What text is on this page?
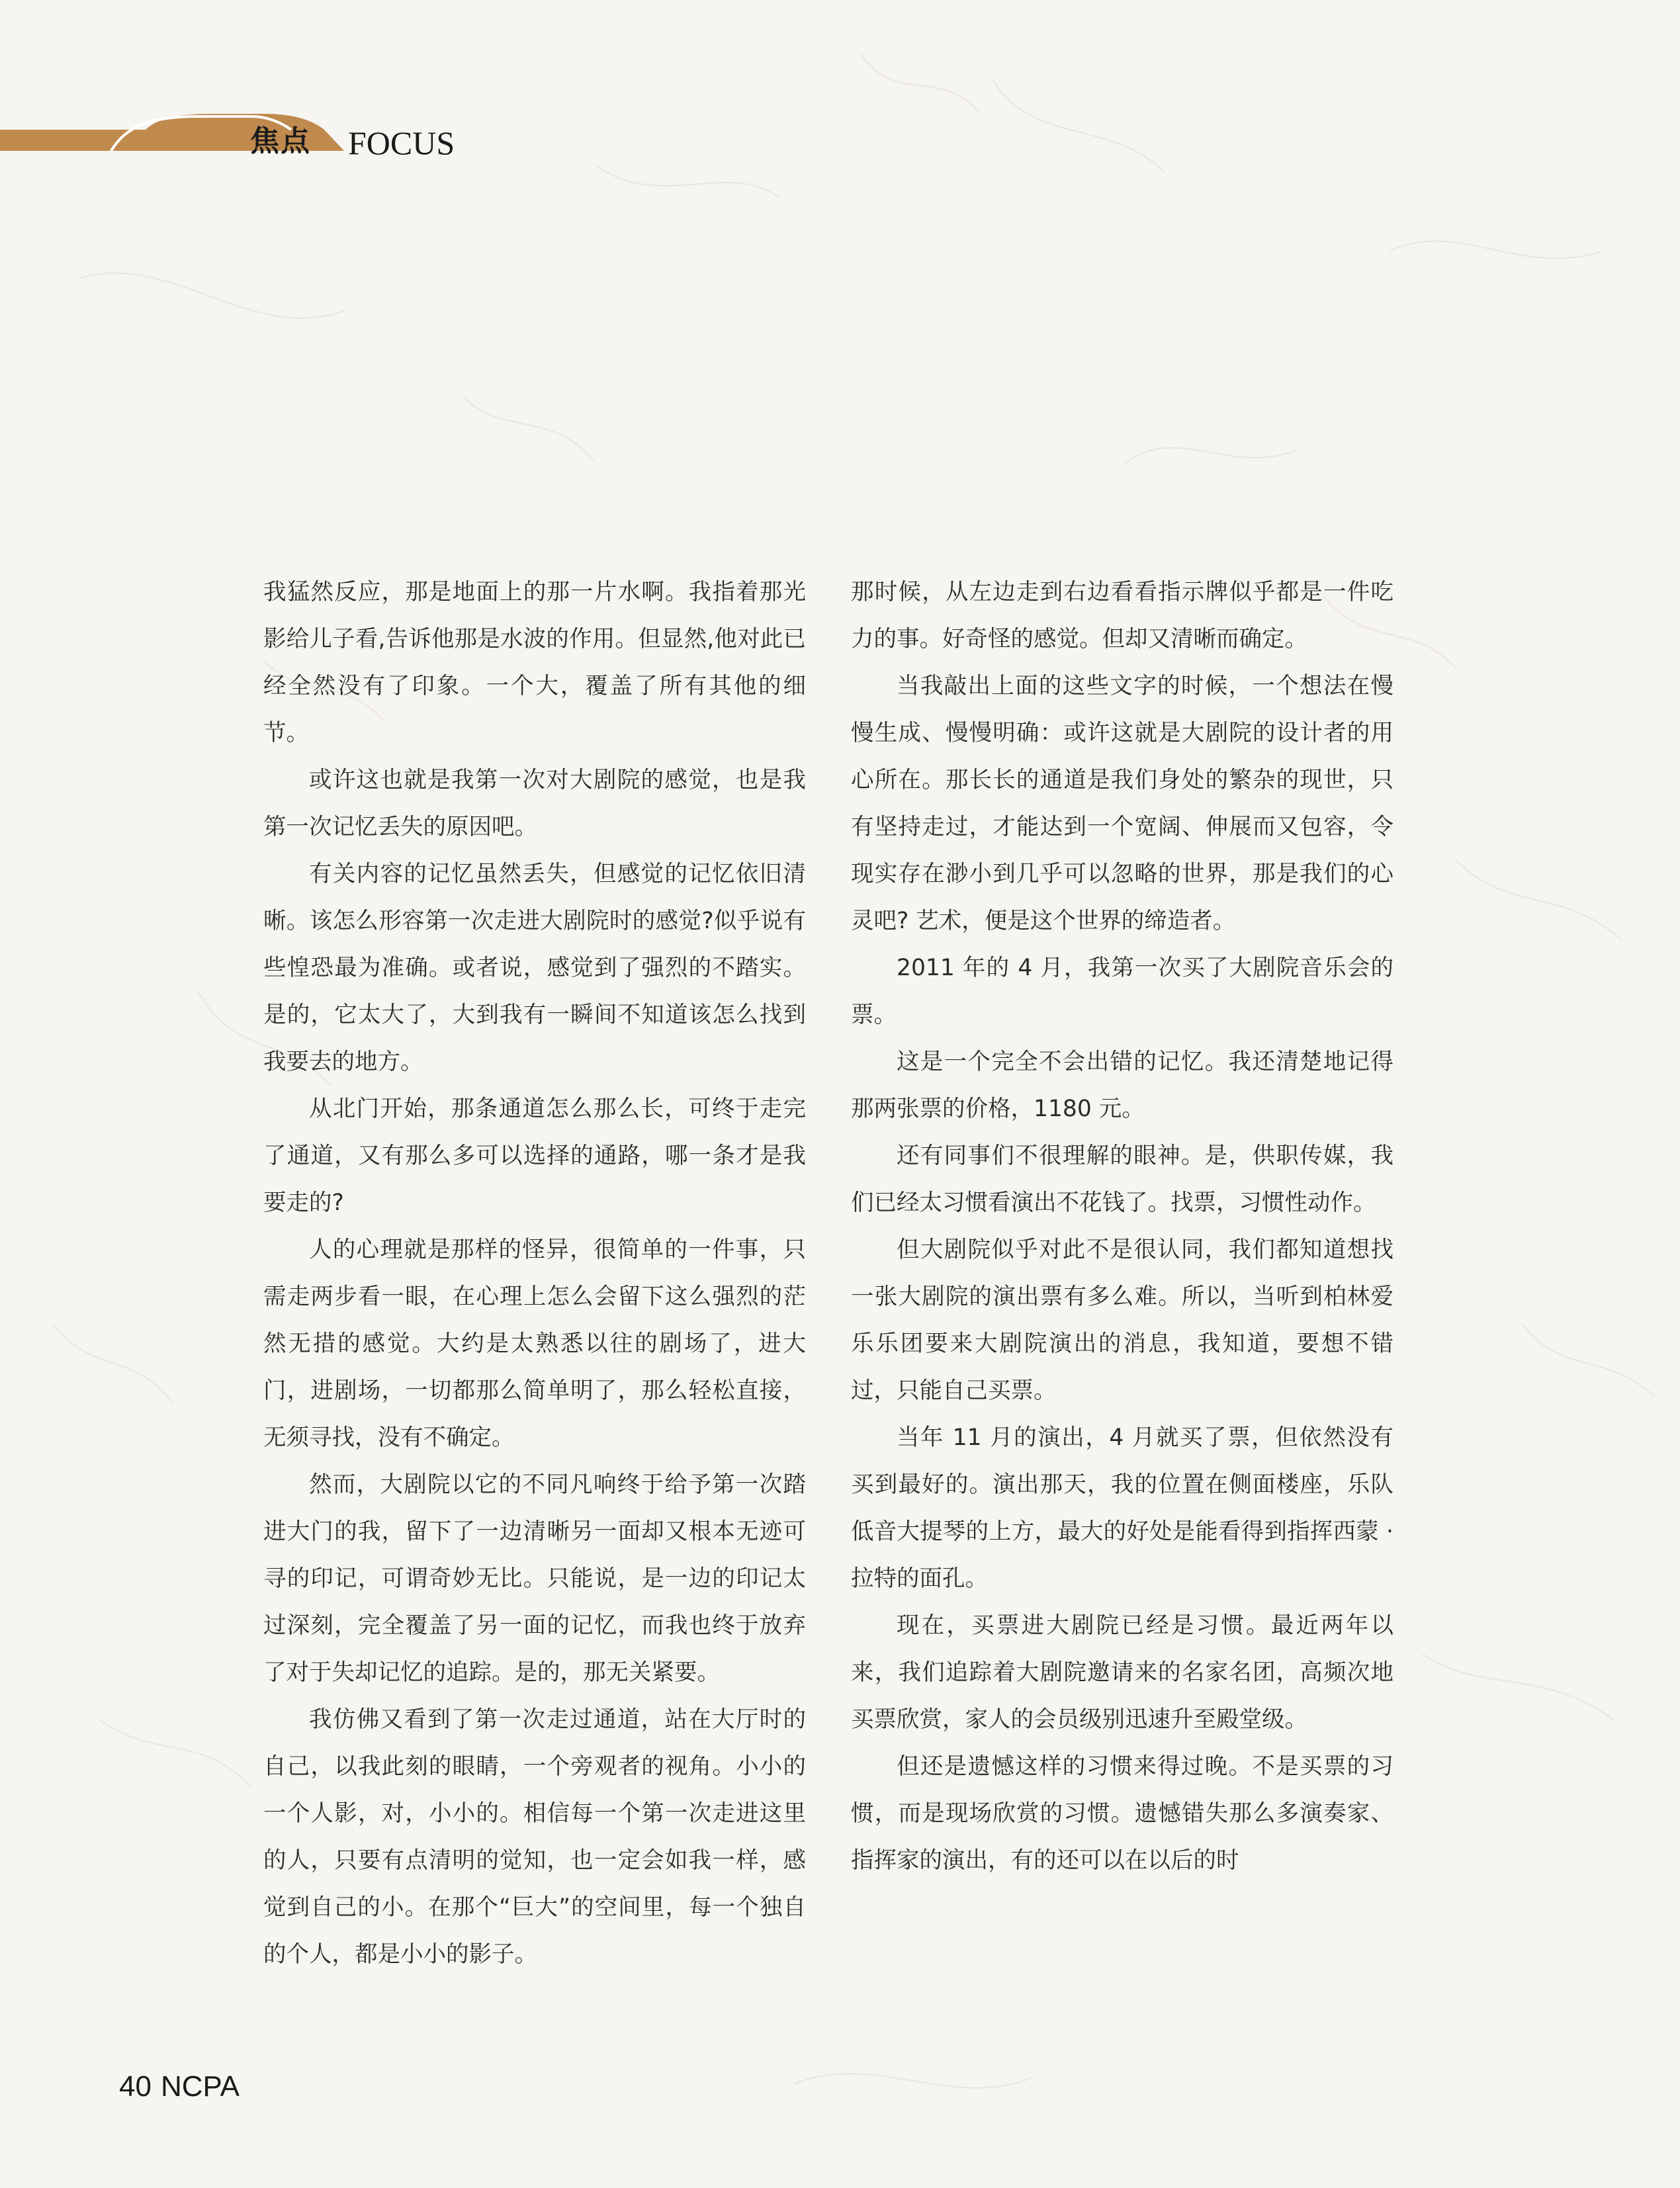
焦点 FOCUS

我猛然反应，那是地面上的那一片水啊。我指着那光影给儿子看,告诉他那是水波的作用。但显然,他对此已经全然没有了印象。一个大，覆盖了所有其他的细节。

或许这也就是我第一次对大剧院的感觉，也是我第一次记忆丢失的原因吧。

有关内容的记忆虽然丢失，但感觉的记忆依旧清晰。该怎么形容第一次走进大剧院时的感觉?似乎说有些惶恐最为准确。或者说，感觉到了强烈的不踏实。是的，它太大了，大到我有一瞬间不知道该怎么找到我要去的地方。

从北门开始，那条通道怎么那么长，可终于走完了通道，又有那么多可以选择的通路，哪一条才是我要走的?

人的心理就是那样的怪异，很简单的一件事，只需走两步看一眼，在心理上怎么会留下这么强烈的茫然无措的感觉。大约是太熟悉以往的剧场了，进大门，进剧场，一切都那么简单明了，那么轻松直接，无须寻找，没有不确定。

然而，大剧院以它的不同凡响终于给予第一次踏进大门的我，留下了一边清晰另一面却又根本无迹可寻的印记，可谓奇妙无比。只能说，是一边的印记太过深刻，完全覆盖了另一面的记忆，而我也终于放弃了对于失却记忆的追踪。是的，那无关紧要。

我仿佛又看到了第一次走过通道，站在大厅时的自己，以我此刻的眼睛，一个旁观者的视角。小小的一个人影，对，小小的。相信每一个第一次走进这里的人，只要有点清明的觉知，也一定会如我一样，感觉到自己的小。在那个“巨大”的空间里，每一个独自的个人，都是小小的影子。

那时候，从左边走到右边看看指示牌似乎都是一件吃力的事。好奇怪的感觉。但却又清晰而确定。

当我敲出上面的这些文字的时候，一个想法在慢慢生成、慢慢明确：或许这就是大剧院的设计者的用心所在。那长长的通道是我们身处的繁杂的现世，只有坚持走过，才能达到一个宽阔、伸展而又包容，令现实存在渺小到几乎可以忽略的世界，那是我们的心灵吧? 艺术，便是这个世界的缔造者。

2011 年的 4 月，我第一次买了大剧院音乐会的票。

这是一个完全不会出错的记忆。我还清楚地记得那两张票的价格，1180 元。

还有同事们不很理解的眼神。是，供职传媒，我们已经太习惯看演出不花钱了。找票，习惯性动作。

但大剧院似乎对此不是很认同，我们都知道想找一张大剧院的演出票有多么难。所以，当听到柏林爱乐乐团要来大剧院演出的消息，我知道，要想不错过，只能自己买票。

当年 11 月的演出，4 月就买了票，但依然没有买到最好的。演出那天，我的位置在侧面楼座，乐队低音大提琴的上方，最大的好处是能看得到指挥西蒙 · 拉特的面孔。

现在，买票进大剧院已经是习惯。最近两年以来，我们追踪着大剧院邀请来的名家名团，高频次地买票欣赏，家人的会员级别迅速升至殿堂级。

但还是遗憾这样的习惯来得过晚。不是买票的习惯，而是现场欣赏的习惯。遗憾错失那么多演奏家、指挥家的演出，有的还可以在以后的时

40 NCPA
